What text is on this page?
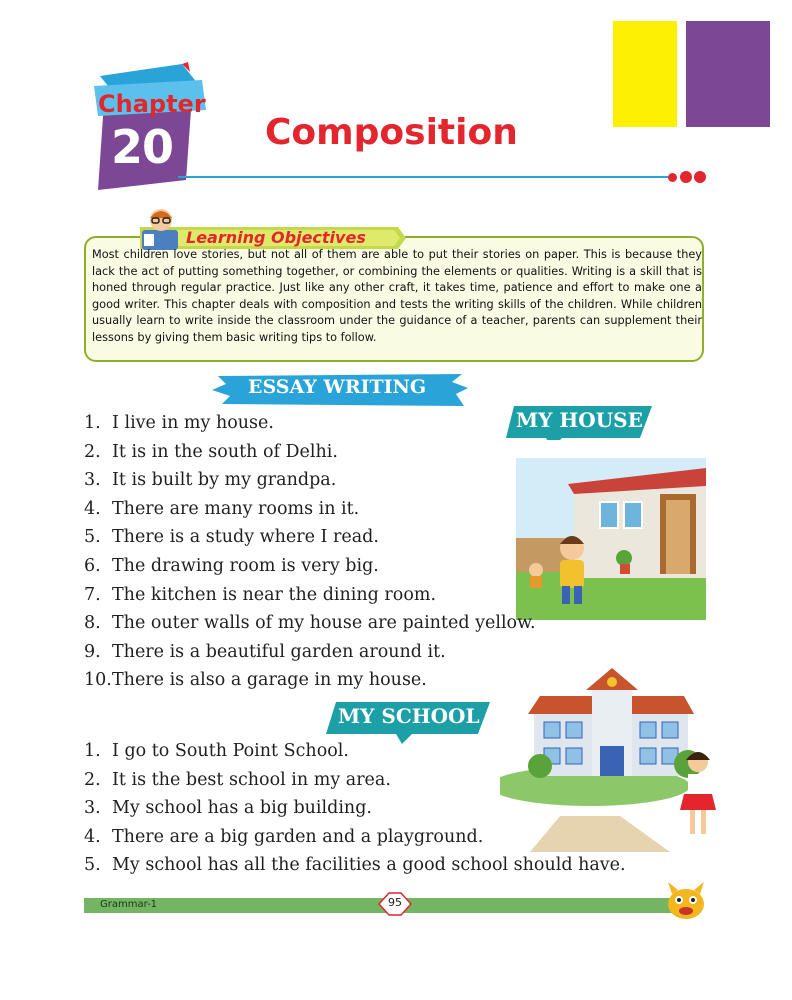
Chapter
20	Composition
Learning Objectives
Most children love stories, but not all of them are able to put their stories on paper. This is because they lack the act of putting something together, or combining the elements or qualities. Writing is a skill that is honed through regular practice. Just like any other craft, it takes time, patience and effort to make one a good writer. This chapter deals with composition and tests the writing skills of the children. While children usually learn to write inside the classroom under the guidance of a teacher, parents can supplement their lessons by giving them basic writing tips to follow.
ESSAY WRITING
MY HOUSE
1. I live in my house.
2. It is in the south of Delhi.
3. It is built by my grandpa.
4. There are many rooms in it.
5. There is a study where I read.
6. The drawing room is very big.
7. The kitchen is near the dining room.
8. The outer walls of my house are painted yellow.
9. There is a beautiful garden around it.
10.There is also a garage in my house.
MY SCHOOL
1. I go to South Point School.
2. It is the best school in my area.
3. My school has a big building.
4. There are a big garden and a playground.
5. My school has all the facilities a good school should have.
Grammar-1	95
